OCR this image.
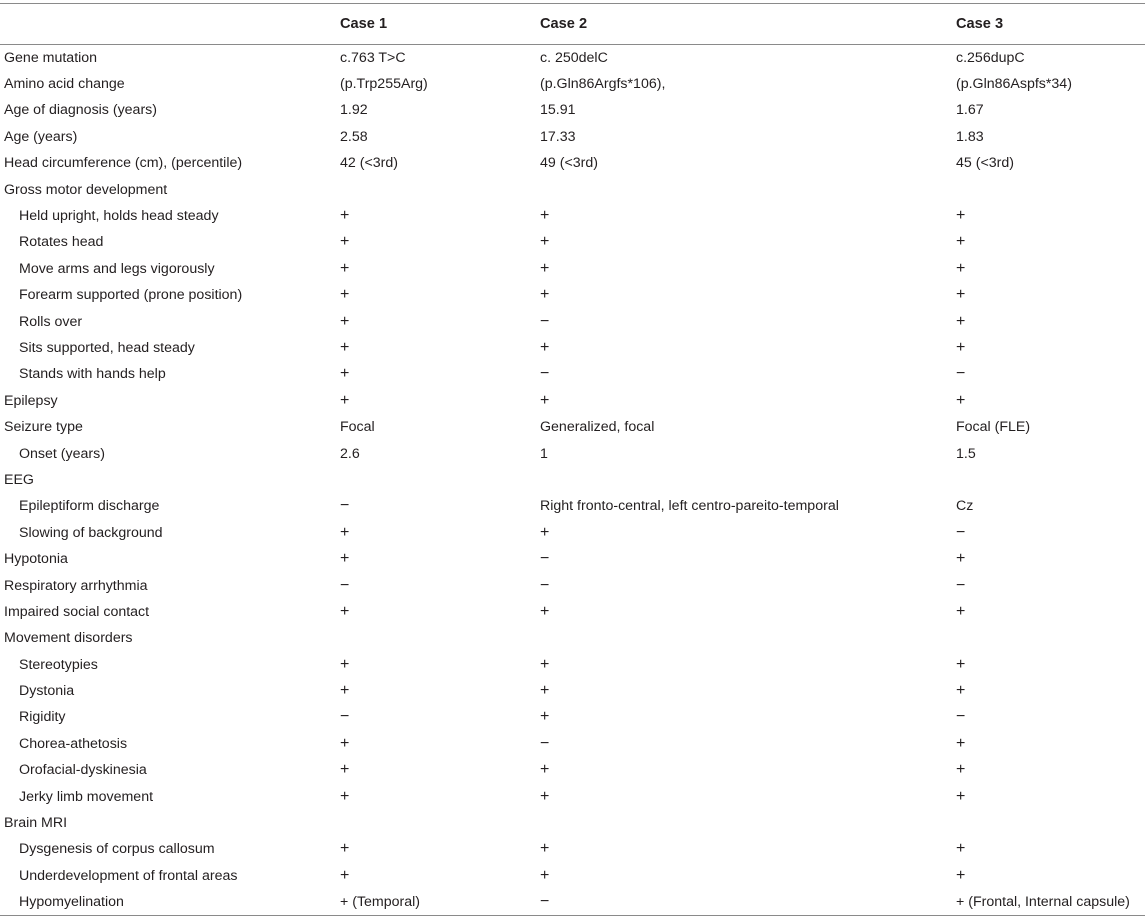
	Case 1	Case 2	Case 3
Gene mutation	c.763 T>C	c. 250delC	c.256dupC
Amino acid change	(p.Trp255Arg)	(p.Gln86Argfs*106),	(p.Gln86Aspfs*34)
Age of diagnosis (years)	1.92	15.91	1.67
Age (years)	2.58	17.33	1.83
Head circumference (cm), (percentile)	42 (<3rd)	49 (<3rd)	45 (<3rd)
Gross motor development			
Held upright, holds head steady	+	+	+
Rotates head	+	+	+
Move arms and legs vigorously	+	+	+
Forearm supported (prone position)	+	+	+
Rolls over	+	−	+
Sits supported, head steady	+	+	+
Stands with hands help	+	−	−
Epilepsy	+	+	+
Seizure type	Focal	Generalized, focal	Focal (FLE)
Onset (years)	2.6	1	1.5
EEG			
Epileptiform discharge	−	Right fronto-central, left centro-pareito-temporal	Cz
Slowing of background	+	+	−
Hypotonia	+	−	+
Respiratory arrhythmia	−	−	−
Impaired social contact	+	+	+
Movement disorders			
Stereotypies	+	+	+
Dystonia	+	+	+
Rigidity	−	+	−
Chorea-athetosis	+	−	+
Orofacial-dyskinesia	+	+	+
Jerky limb movement	+	+	+
Brain MRI			
Dysgenesis of corpus callosum	+	+	+
Underdevelopment of frontal areas	+	+	+
Hypomyelination	+ (Temporal)	−	+ (Frontal, Internal capsule)
